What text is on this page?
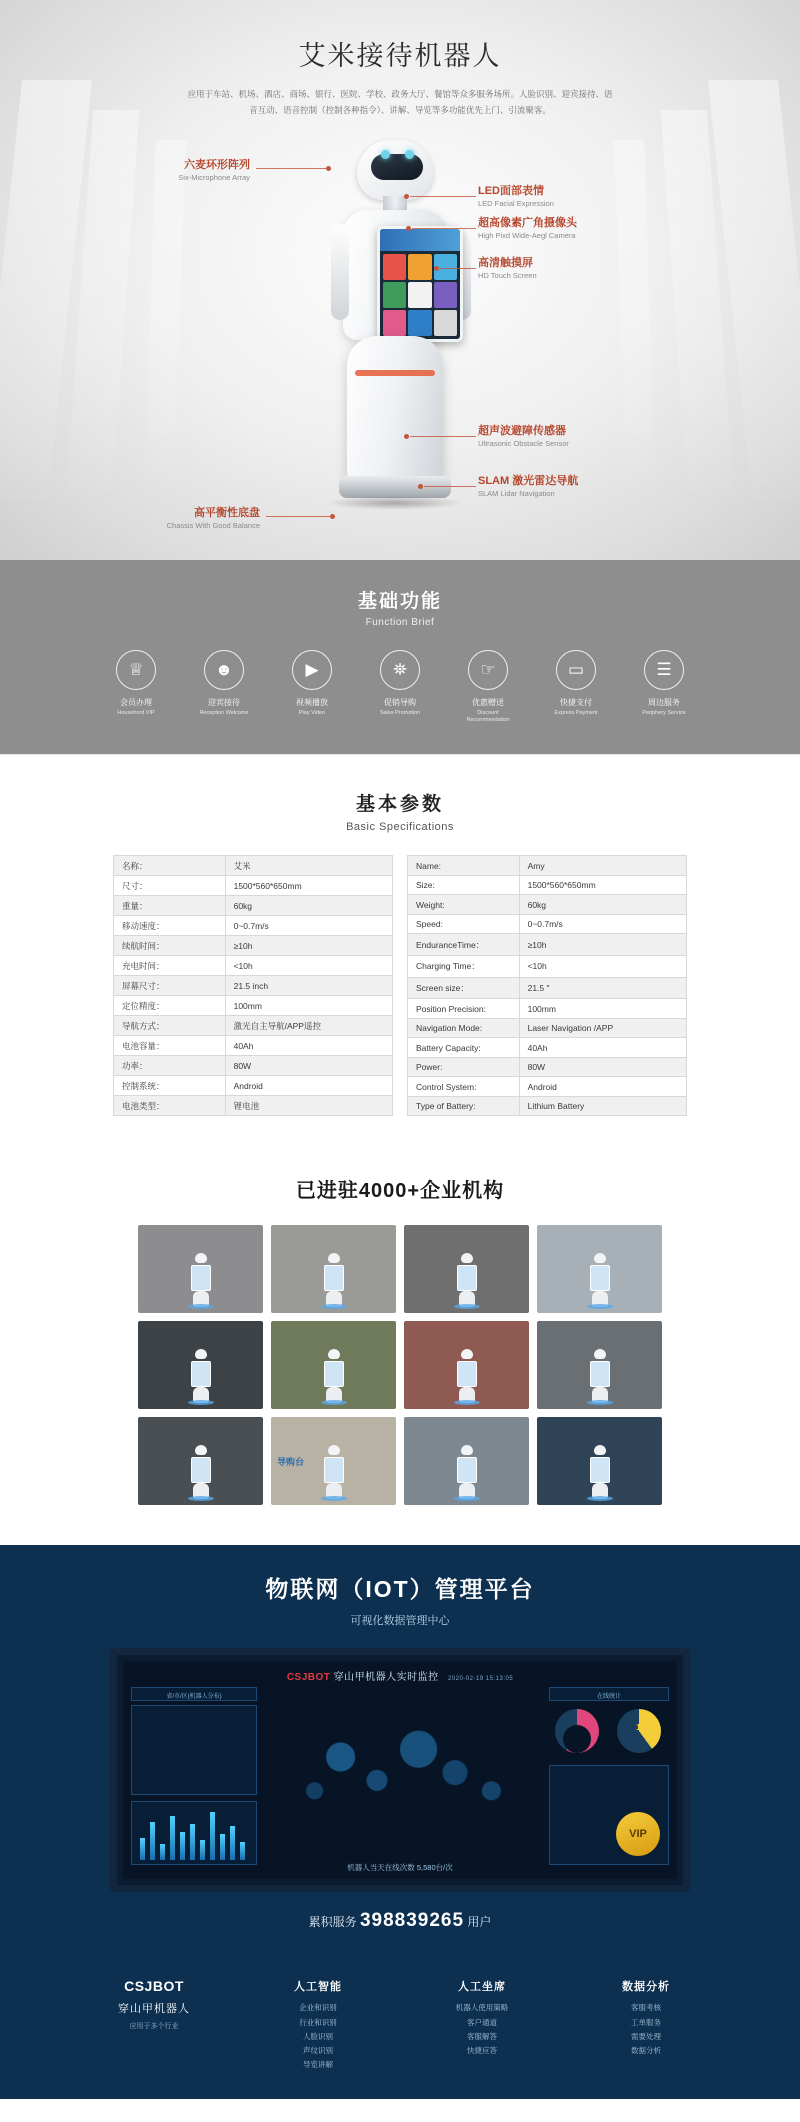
艾米接待机器人

应用于车站、机场、酒店、商场、银行、医院、学校、政务大厅、餐馆等众多服务场所。人脸识别、迎宾接待、语音互动、语音控制（控制各种指令）、讲解、导览等多功能优先上门、引流聚客。

六麦环形阵列
Six-Microphone Array
LED面部表情
LED Facial Expression
超高像素广角摄像头
High Pixd Wide-Aegl Camera
高清触摸屏
HD Touch Screen
超声波避障传感器
Ultrasonic Obstacle Sensor
SLAM 激光雷达导航
SLAM Lidar Navigation
高平衡性底盘
Chassis With Good Balance
基础功能
Function Brief
♕
会员办理
Househord VIP
☻
迎宾接待
Reception Welcome
▶
视频播放
Play Video
⛯
促销导购
Sales Promotion
☞
优惠赠送
Discount Recommendation
▭
快捷支付
Express Payment
☰
周边服务
Periphery Service
基本参数
Basic Specifications
名称：	艾米
尺寸：	1500*560*650mm
重量：	60kg
移动速度：	0~0.7m/s
续航时间：	≥10h
充电时间：	<10h
屏幕尺寸：	21.5 inch
定位精度：	100mm
导航方式：	激光自主导航/APP遥控
电池容量：	40Ah
功率：	80W
控制系统：	Android
电池类型：	锂电池
Name:	Amy
Size:	1500*560*650mm
Weight:	60kg
Speed:	0~0.7m/s
EnduranceTime：	≥10h
Charging Time：	<10h
Screen size：	21.5 "
Position Precision:	100mm
Navigation Mode:	Laser Navigation /APP
Battery Capacity:	40Ah
Power:	80W
Control System:	Android
Type of Battery:	Lithium Battery
已进驻4000+企业机构
导购台
物联网（IOT）管理平台
可视化数据管理中心
CSJBOT 穿山甲机器人实时监控 2020-02-19 15:13:05
省/市/区(机器人分布)	在线统计
11s
VIP
机器人当天在线次数 5,580台/次
累积服务 398839265 用户
CSJBOT
穿山甲机器人
应用于多个行业
人工智能
企业和识别
行业和识别
人脸识别
声纹识别
导览讲解
人工坐席
机器人使用策略
客户通道
客服解答
快捷应答
数据分析
客服考核
工单服务
需要处理
数据分析
